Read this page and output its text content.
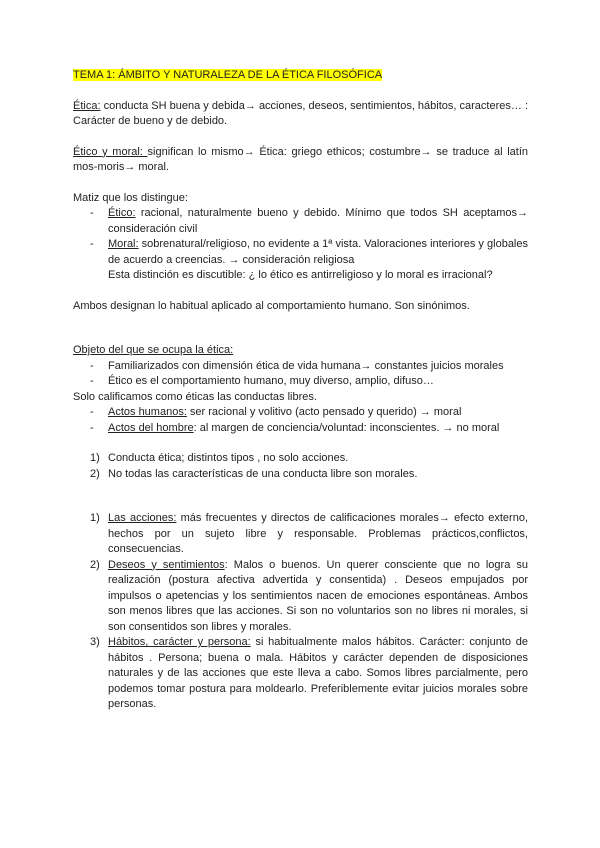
TEMA 1: ÁMBITO Y NATURALEZA DE LA ÉTICA FILOSÓFICA

Ética: conducta SH buena y debida→ acciones, deseos, sentimientos, hábitos, caracteres… : Carácter de bueno y de debido.

Ético y moral: significan lo mismo→ Ética: griego ethicos; costumbre→ se traduce al latín mos-moris→ moral.

Matiz que los distingue:

- Ético: racional, naturalmente bueno y debido. Mínimo que todos SH aceptamos→ consideración civil
- Moral: sobrenatural/religioso, no evidente a 1ª vista. Valoraciones interiores y globales de acuerdo a creencias. → consideración religiosa
Esta distinción es discutible: ¿ lo ético es antirreligioso y lo moral es irracional?

Ambos designan lo habitual aplicado al comportamiento humano. Son sinónimos.

Objeto del que se ocupa la ética:

- Familiarizados con dimensión ética de vida humana→ constantes juicios morales
- Ético es el comportamiento humano, muy diverso, amplio, difuso…

Solo calificamos como éticas las conductas libres.

- Actos humanos: ser racional y volitivo (acto pensado y querido) → moral
- Actos del hombre: al margen de conciencia/voluntad: inconscientes. → no moral
1) Conducta ética; distintos tipos , no solo acciones.
2) No todas las características de una conducta libre son morales.
1) Las acciones: más frecuentes y directos de calificaciones morales→ efecto externo, hechos por un sujeto libre y responsable. Problemas prácticos,conflictos, consecuencias.
2) Deseos y sentimientos: Malos o buenos. Un querer consciente que no logra su realización (postura afectiva advertida y consentida) . Deseos empujados por impulsos o apetencias y los sentimientos nacen de emociones espontáneas. Ambos son menos libres que las acciones. Si son no voluntarios son no libres ni morales, si son consentidos son libres y morales.
3) Hábitos, carácter y persona: si habitualmente malos hábitos. Carácter: conjunto de hábitos . Persona; buena o mala. Hábitos y carácter dependen de disposiciones naturales y de las acciones que este lleva a cabo. Somos libres parcialmente, pero podemos tomar postura para moldearlo. Preferiblemente evitar juicios morales sobre personas.
